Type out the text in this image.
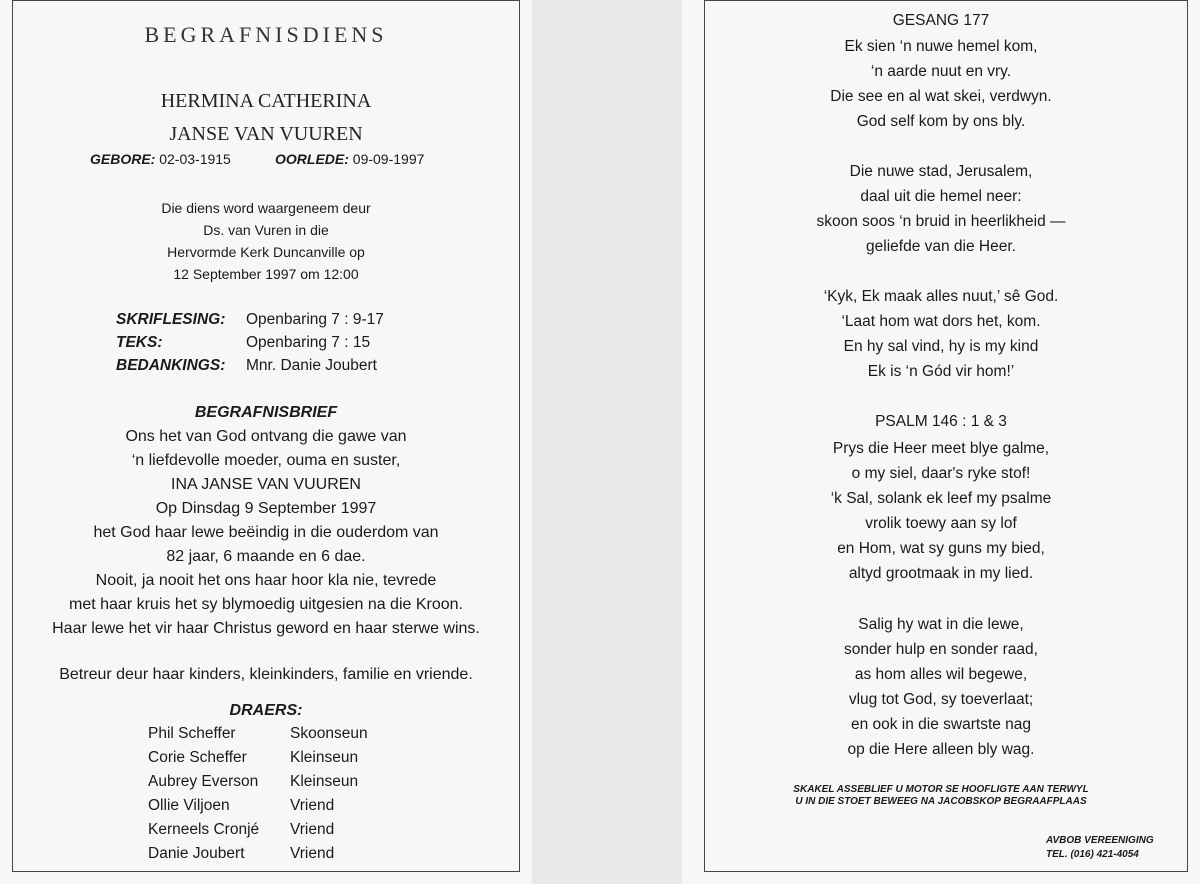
BEGRAFNISDIENS
HERMINA CATHERINA
JANSE VAN VUUREN
GEBORE: 02-03-1915	OORLEDE: 09-09-1997
Die diens word waargeneem deur
Ds. van Vuren in die
Hervormde Kerk Duncanville op
12 September 1997 om 12:00
SKRIFLESING: Openbaring 7 : 9-17
TEKS:	Openbaring 7 : 15
BEDANKINGS: Mnr. Danie Joubert
BEGRAFNISBRIEF
Ons het van God ontvang die gawe van
‘n liefdevolle moeder, ouma en suster,
INA JANSE VAN VUUREN
Op Dinsdag 9 September 1997
het God haar lewe beëindig in die ouderdom van
82 jaar, 6 maande en 6 dae.
Nooit, ja nooit het ons haar hoor kla nie, tevrede
met haar kruis het sy blymoedig uitgesien na die Kroon.
Haar lewe het vir haar Christus geword en haar sterwe wins.
Betreur deur haar kinders, kleinkinders, familie en vriende.
DRAERS:
Phil Scheffer	Skoonseun
Corie Scheffer	Kleinseun
Aubrey Everson Kleinseun
Ollie Viljoen	Vriend
Kerneels Cronjé Vriend
Danie Joubert	Vriend
GESANG 177
Ek sien ‘n nuwe hemel kom,
‘n aarde nuut en vry.
Die see en al wat skei, verdwyn.
God self kom by ons bly.
Die nuwe stad, Jerusalem,
daal uit die hemel neer:
skoon soos ‘n bruid in heerlikheid —
geliefde van die Heer.
‘Kyk, Ek maak alles nuut,’ sê God.
‘Laat hom wat dors het, kom.
En hy sal vind, hy is my kind
Ek is ‘n Gód vir hom!’
PSALM 146 : 1 & 3
Prys die Heer meet blye galme,
o my siel, daar's ryke stof!
‘k Sal, solank ek leef my psalme
vrolik toewy aan sy lof
en Hom, wat sy guns my bied,
altyd grootmaak in my lied.
Salig hy wat in die lewe,
sonder hulp en sonder raad,
as hom alles wil begewe,
vlug tot God, sy toeverlaat;
en ook in die swartste nag
op die Here alleen bly wag.
SKAKEL ASSEBLIEF U MOTOR SE HOOFLIGTE AAN TERWYL
U IN DIE STOET BEWEEG NA JACOBSKOP BEGRAAFPLAAS
AVBOB VEREENIGING
TEL. (016) 421-4054
